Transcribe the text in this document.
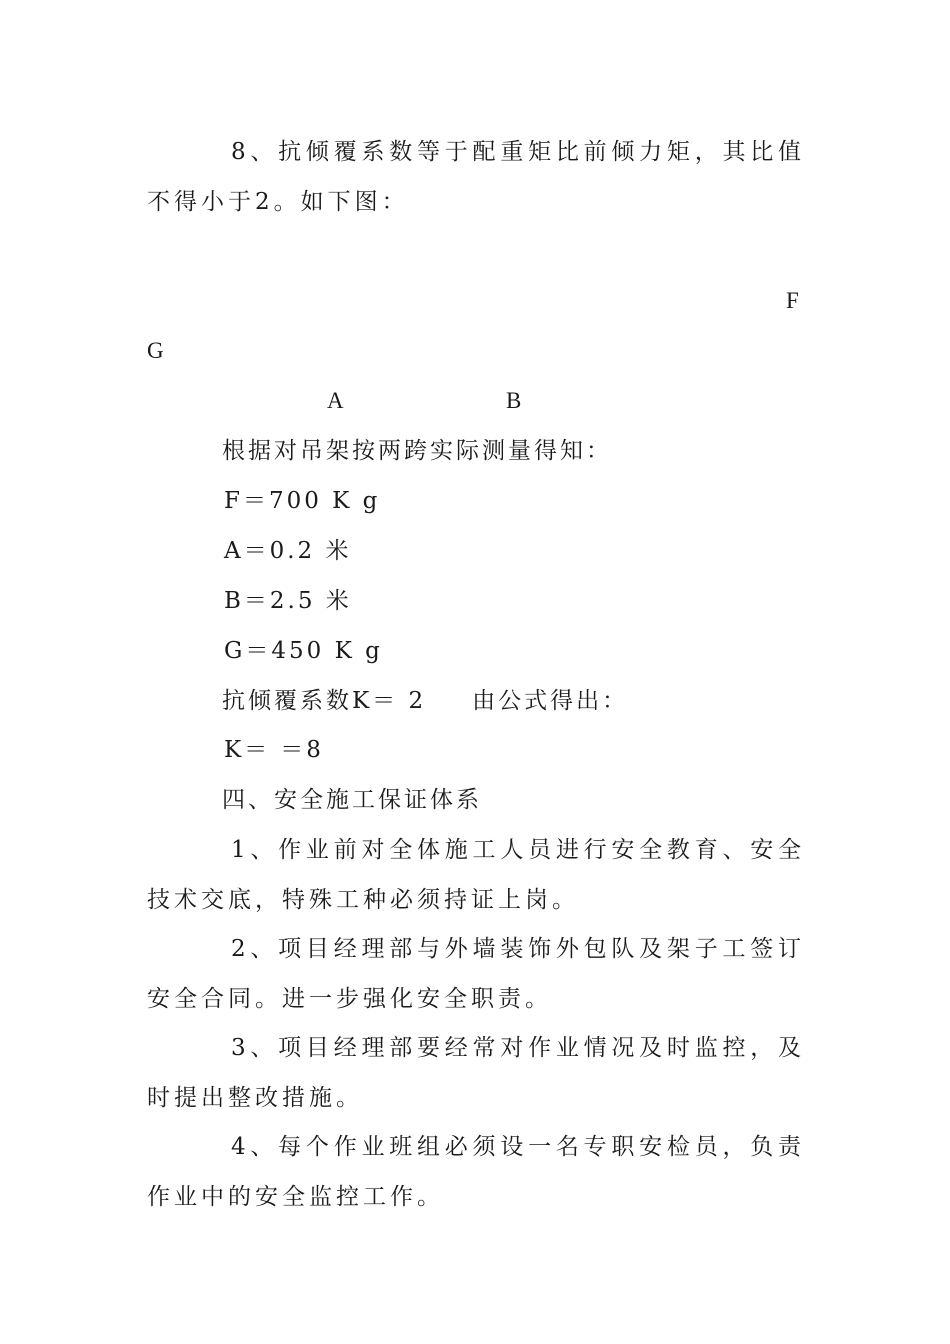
8、抗倾覆系数等于配重矩比前倾力矩，其比值不得小于2。如下图：
F
G
A	B
根据对吊架按两跨实际测量得知：
F＝700 K g
A＝0.2 米
B＝2.5 米
G＝450 K g
抗倾覆系数K＝ 2 由公式得出：
K＝ ＝8
四、安全施工保证体系
1、作业前对全体施工人员进行安全教育、安全技术交底，特殊工种必须持证上岗。
2、项目经理部与外墙装饰外包队及架子工签订安全合同。进一步强化安全职责。
3、项目经理部要经常对作业情况及时监控，及时提出整改措施。
4、每个作业班组必须设一名专职安检员，负责作业中的安全监控工作。
